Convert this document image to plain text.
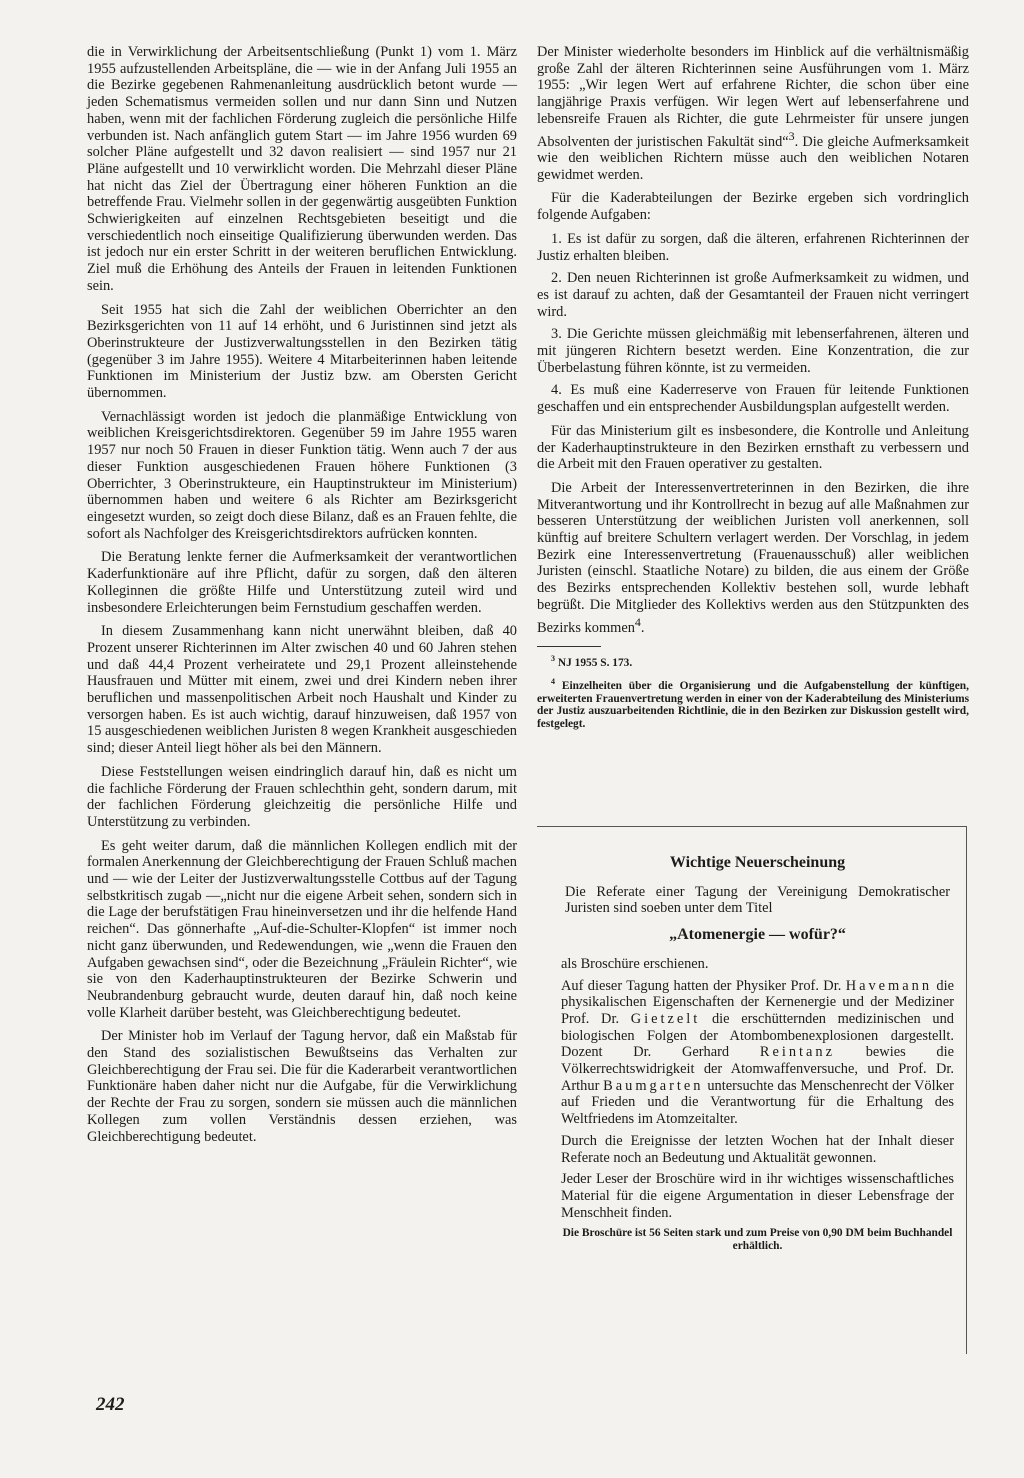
die in Verwirklichung der Arbeitsentschließung (Punkt 1) vom 1. März 1955 aufzustellenden Arbeitspläne, die — wie in der Anfang Juli 1955 an die Bezirke gegebenen Rahmenanleitung ausdrücklich betont wurde — jeden Schematismus vermeiden sollen und nur dann Sinn und Nutzen haben, wenn mit der fachlichen Förderung zugleich die persönliche Hilfe verbunden ist. Nach anfänglich gutem Start — im Jahre 1956 wurden 69 solcher Pläne aufgestellt und 32 davon realisiert — sind 1957 nur 21 Pläne aufgestellt und 10 verwirklicht worden. Die Mehrzahl dieser Pläne hat nicht das Ziel der Übertragung einer höheren Funktion an die betreffende Frau. Vielmehr sollen in der gegenwärtig ausgeübten Funktion Schwierigkeiten auf einzelnen Rechtsgebieten beseitigt und die verschiedentlich noch einseitige Qualifizierung überwunden werden. Das ist jedoch nur ein erster Schritt in der weiteren beruflichen Entwicklung. Ziel muß die Erhöhung des Anteils der Frauen in leitenden Funktionen sein.

Seit 1955 hat sich die Zahl der weiblichen Oberrichter an den Bezirksgerichten von 11 auf 14 erhöht, und 6 Juristinnen sind jetzt als Oberinstrukteure der Justizverwaltungsstellen in den Bezirken tätig (gegenüber 3 im Jahre 1955). Weitere 4 Mitarbeiterinnen haben leitende Funktionen im Ministerium der Justiz bzw. am Obersten Gericht übernommen.

Vernachlässigt worden ist jedoch die planmäßige Entwicklung von weiblichen Kreisgerichtsdirektoren. Gegenüber 59 im Jahre 1955 waren 1957 nur noch 50 Frauen in dieser Funktion tätig. Wenn auch 7 der aus dieser Funktion ausgeschiedenen Frauen höhere Funktionen (3 Oberrichter, 3 Oberinstrukteure, ein Hauptinstrukteur im Ministerium) übernommen haben und weitere 6 als Richter am Bezirksgericht eingesetzt wurden, so zeigt doch diese Bilanz, daß es an Frauen fehlte, die sofort als Nachfolger des Kreisgerichtsdirektors aufrücken konnten.

Die Beratung lenkte ferner die Aufmerksamkeit der verantwortlichen Kaderfunktionäre auf ihre Pflicht, dafür zu sorgen, daß den älteren Kolleginnen die größte Hilfe und Unterstützung zuteil wird und insbesondere Erleichterungen beim Fernstudium geschaffen werden.

In diesem Zusammenhang kann nicht unerwähnt bleiben, daß 40 Prozent unserer Richterinnen im Alter zwischen 40 und 60 Jahren stehen und daß 44,4 Prozent verheiratete und 29,1 Prozent alleinstehende Hausfrauen und Mütter mit einem, zwei und drei Kindern neben ihrer beruflichen und massenpolitischen Arbeit noch Haushalt und Kinder zu versorgen haben. Es ist auch wichtig, darauf hinzuweisen, daß 1957 von 15 ausgeschiedenen weiblichen Juristen 8 wegen Krankheit ausgeschieden sind; dieser Anteil liegt höher als bei den Männern.

Diese Feststellungen weisen eindringlich darauf hin, daß es nicht um die fachliche Förderung der Frauen schlechthin geht, sondern darum, mit der fachlichen Förderung gleichzeitig die persönliche Hilfe und Unterstützung zu verbinden.

Es geht weiter darum, daß die männlichen Kollegen endlich mit der formalen Anerkennung der Gleichberechtigung der Frauen Schluß machen und — wie der Leiter der Justizverwaltungsstelle Cottbus auf der Tagung selbstkritisch zugab —„nicht nur die eigene Arbeit sehen, sondern sich in die Lage der berufstätigen Frau hineinversetzen und ihr die helfende Hand reichen“. Das gönnerhafte „Auf-die-Schulter-Klopfen“ ist immer noch nicht ganz überwunden, und Redewendungen, wie „wenn die Frauen den Aufgaben gewachsen sind“, oder die Bezeichnung „Fräulein Richter“, wie sie von den Kaderhauptinstrukteuren der Bezirke Schwerin und Neubrandenburg gebraucht wurde, deuten darauf hin, daß noch keine volle Klarheit darüber besteht, was Gleichberechtigung bedeutet.

Der Minister hob im Verlauf der Tagung hervor, daß ein Maßstab für den Stand des sozialistischen Bewußtseins das Verhalten zur Gleichberechtigung der Frau sei. Die für die Kaderarbeit verantwortlichen Funktionäre haben daher nicht nur die Aufgabe, für die Verwirklichung der Rechte der Frau zu sorgen, sondern sie müssen auch die männlichen Kollegen zum vollen Verständnis dessen erziehen, was Gleichberechtigung bedeutet.

Der Minister wiederholte besonders im Hinblick auf die verhältnismäßig große Zahl der älteren Richterinnen seine Ausführungen vom 1. März 1955: „Wir legen Wert auf erfahrene Richter, die schon über eine langjährige Praxis verfügen. Wir legen Wert auf lebenserfahrene und lebensreife Frauen als Richter, die gute Lehrmeister für unsere jungen Absolventen der juristischen Fakultät sind“$^3$. Die gleiche Aufmerksamkeit wie den weiblichen Richtern müsse auch den weiblichen Notaren gewidmet werden.

Für die Kaderabteilungen der Bezirke ergeben sich vordringlich folgende Aufgaben:

1. Es ist dafür zu sorgen, daß die älteren, erfahrenen Richterinnen der Justiz erhalten bleiben.
2. Den neuen Richterinnen ist große Aufmerksamkeit zu widmen, und es ist darauf zu achten, daß der Gesamtanteil der Frauen nicht verringert wird.
3. Die Gerichte müssen gleichmäßig mit lebenserfahrenen, älteren und mit jüngeren Richtern besetzt werden. Eine Konzentration, die zur Überbelastung führen könnte, ist zu vermeiden.
4. Es muß eine Kaderreserve von Frauen für leitende Funktionen geschaffen und ein entsprechender Ausbildungsplan aufgestellt werden.

Für das Ministerium gilt es insbesondere, die Kontrolle und Anleitung der Kaderhauptinstrukteure in den Bezirken ernsthaft zu verbessern und die Arbeit mit den Frauen operativer zu gestalten.

Die Arbeit der Interessenvertreterinnen in den Bezirken, die ihre Mitverantwortung und ihr Kontrollrecht in bezug auf alle Maßnahmen zur besseren Unterstützung der weiblichen Juristen voll anerkennen, soll künftig auf breitere Schultern verlagert werden. Der Vorschlag, in jedem Bezirk eine Interessenvertretung (Frauenausschuß) aller weiblichen Juristen (einschl. Staatliche Notare) zu bilden, die aus einem der Größe des Bezirks entsprechenden Kollektiv bestehen soll, wurde lebhaft begrüßt. Die Mitglieder des Kollektivs werden aus den Stützpunkten des Bezirks kommen$^4$.

$^3$ NJ 1955 S. 173.

$^4$ Einzelheiten über die Organisierung und die Aufgabenstellung der künftigen, erweiterten Frauenvertretung werden in einer von der Kaderabteilung des Ministeriums der Justiz auszuarbeitenden Richtlinie, die in den Bezirken zur Diskussion gestellt wird, festgelegt.

Wichtige Neuerscheinung

Die Referate einer Tagung der Vereinigung Demokratischer Juristen sind soeben unter dem Titel

„Atomenergie — wofür?“

als Broschüre erschienen.

Auf dieser Tagung hatten der Physiker Prof. Dr. Havemann die physikalischen Eigenschaften der Kernenergie und der Mediziner Prof. Dr. Gietzelt die erschütternden medizinischen und biologischen Folgen der Atombombenexplosionen dargestellt. Dozent Dr. Gerhard Reintanz bewies die Völkerrechtswidrigkeit der Atomwaffenversuche, und Prof. Dr. Arthur Baumgarten untersuchte das Menschenrecht der Völker auf Frieden und die Verantwortung für die Erhaltung des Weltfriedens im Atomzeitalter.

Durch die Ereignisse der letzten Wochen hat der Inhalt dieser Referate noch an Bedeutung und Aktualität gewonnen.

Jeder Leser der Broschüre wird in ihr wichtiges wissenschaftliches Material für die eigene Argumentation in dieser Lebensfrage der Menschheit finden.

Die Broschüre ist 56 Seiten stark und zum Preise von 0,90 DM beim Buchhandel erhältlich.

242
